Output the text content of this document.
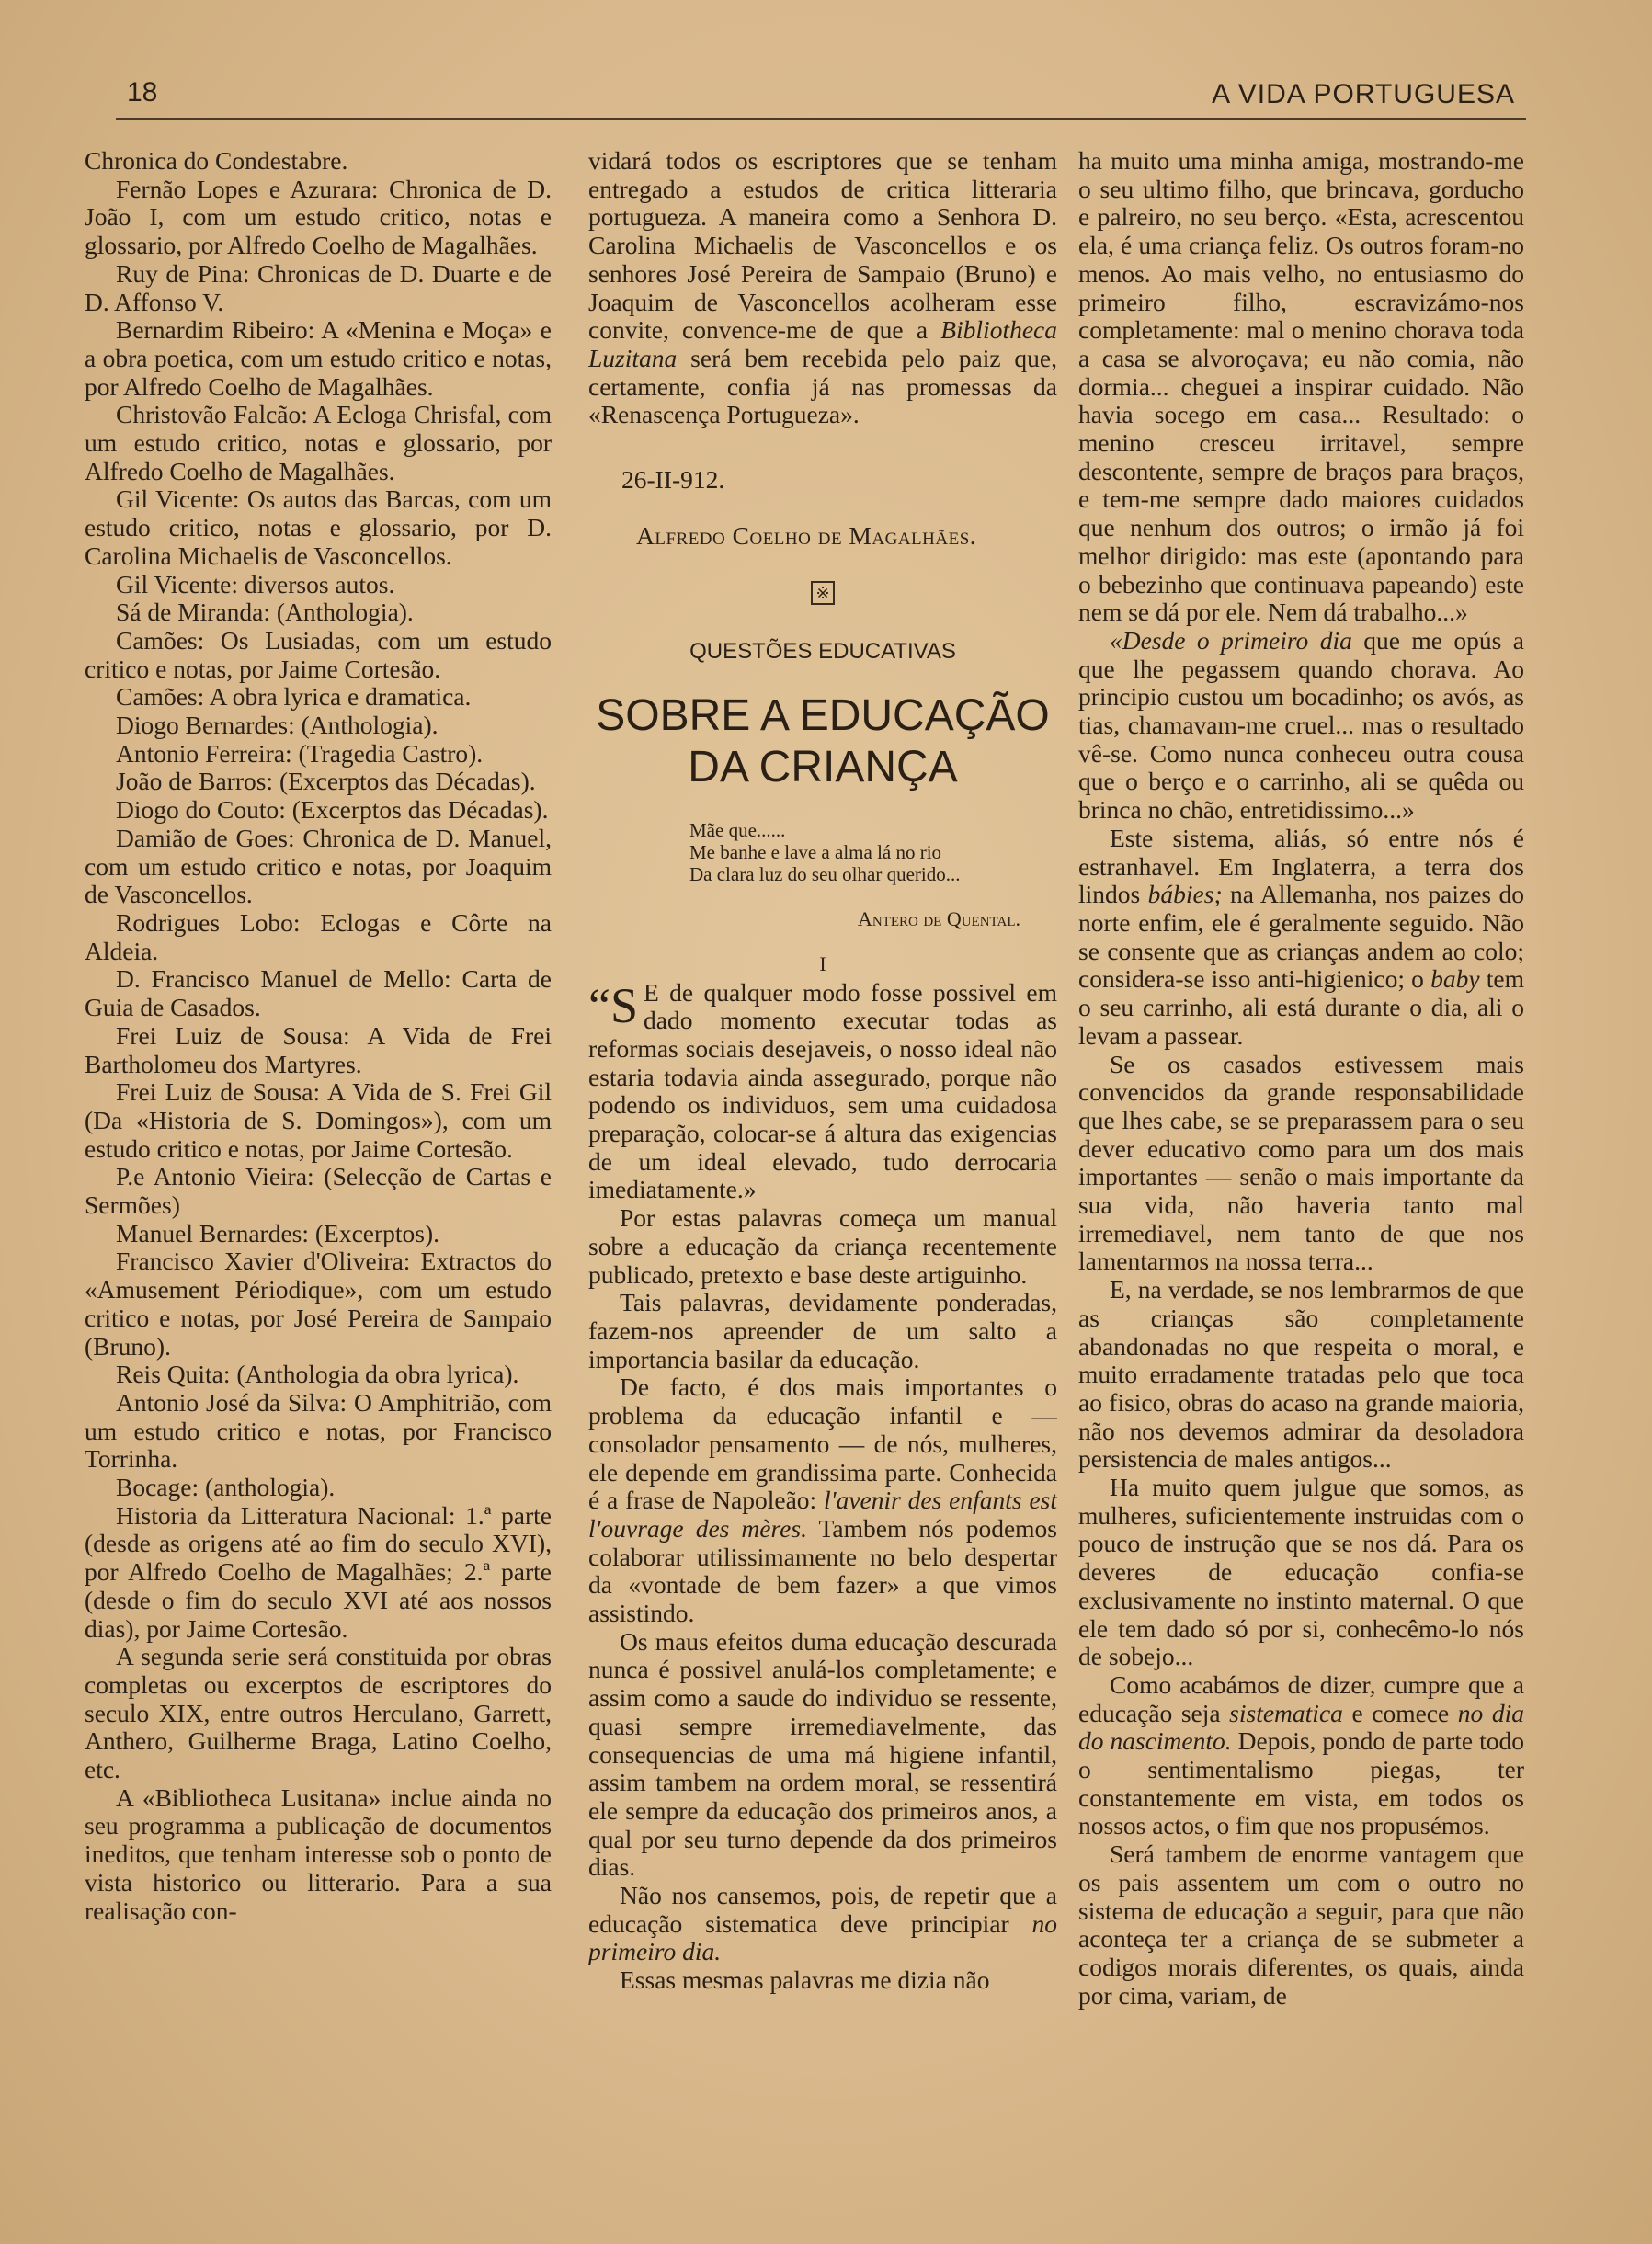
18	A VIDA PORTUGUESA

Chronica do Condestabre.

Fernão Lopes e Azurara: Chronica de D. João I, com um estudo critico, notas e glossario, por Alfredo Coelho de Magalhães.

Ruy de Pina: Chronicas de D. Duarte e de D. Affonso V.

Bernardim Ribeiro: A «Menina e Moça» e a obra poetica, com um estudo critico e notas, por Alfredo Coelho de Magalhães.

Christovão Falcão: A Ecloga Chrisfal, com um estudo critico, notas e glossario, por Alfredo Coelho de Magalhães.

Gil Vicente: Os autos das Barcas, com um estudo critico, notas e glossario, por D. Carolina Michaelis de Vasconcellos.

Gil Vicente: diversos autos.

Sá de Miranda: (Anthologia).

Camões: Os Lusiadas, com um estudo critico e notas, por Jaime Cortesão.

Camões: A obra lyrica e dramatica.

Diogo Bernardes: (Anthologia).

Antonio Ferreira: (Tragedia Castro).

João de Barros: (Excerptos das Décadas).

Diogo do Couto: (Excerptos das Décadas).

Damião de Goes: Chronica de D. Manuel, com um estudo critico e notas, por Joaquim de Vasconcellos.

Rodrigues Lobo: Eclogas e Côrte na Aldeia.

D. Francisco Manuel de Mello: Carta de Guia de Casados.

Frei Luiz de Sousa: A Vida de Frei Bartholomeu dos Martyres.

Frei Luiz de Sousa: A Vida de S. Frei Gil (Da «Historia de S. Domingos»), com um estudo critico e notas, por Jaime Cortesão.

P.e Antonio Vieira: (Selecção de Cartas e Sermões)

Manuel Bernardes: (Excerptos).

Francisco Xavier d'Oliveira: Extractos do «Amusement Périodique», com um estudo critico e notas, por José Pereira de Sampaio (Bruno).

Reis Quita: (Anthologia da obra lyrica).

Antonio José da Silva: O Amphitrião, com um estudo critico e notas, por Francisco Torrinha.

Bocage: (anthologia).

Historia da Litteratura Nacional: 1.ª parte (desde as origens até ao fim do seculo XVI), por Alfredo Coelho de Magalhães; 2.ª parte (desde o fim do seculo XVI até aos nossos dias), por Jaime Cortesão.

A segunda serie será constituida por obras completas ou excerptos de escriptores do seculo XIX, entre outros Herculano, Garrett, Anthero, Guilherme Braga, Latino Coelho, etc.

A «Bibliotheca Lusitana» inclue ainda no seu programma a publicação de documentos ineditos, que tenham interesse sob o ponto de vista historico ou litterario. Para a sua realisação con-

vidará todos os escriptores que se tenham entregado a estudos de critica litteraria portugueza. A maneira como a Senhora D. Carolina Michaelis de Vasconcellos e os senhores José Pereira de Sampaio (Bruno) e Joaquim de Vasconcellos acolheram esse convite, convence-me de que a Bibliotheca Luzitana será bem recebida pelo paiz que, certamente, confia já nas promessas da «Renascença Portugueza».

26-II-912.
Alfredo Coelho de Magalhães.
※
QUESTÕES EDUCATIVAS
SOBRE A EDUCAÇÃO
DA CRIANÇA
Mãe que......
Me banhe e lave a alma lá no rio
Da clara luz do seu olhar querido...
Antero de Quental.
I

“S E de qualquer modo fosse possivel em dado momento executar todas as reformas sociais desejaveis, o nosso ideal não estaria todavia ainda assegurado, porque não podendo os individuos, sem uma cuidadosa preparação, colocar-se á altura das exigencias de um ideal elevado, tudo derrocaria imediatamente.»

Por estas palavras começa um manual sobre a educação da criança recentemente publicado, pretexto e base deste artiguinho.

Tais palavras, devidamente ponderadas, fazem-nos apreender de um salto a importancia basilar da educação.

De facto, é dos mais importantes o problema da educação infantil e — consolador pensamento — de nós, mulheres, ele depende em grandissima parte. Conhecida é a frase de Napoleão: l'avenir des enfants est l'ouvrage des mères. Tambem nós podemos colaborar utilissimamente no belo despertar da «vontade de bem fazer» a que vimos assistindo.

Os maus efeitos duma educação descurada nunca é possivel anulá-los completamente; e assim como a saude do individuo se ressente, quasi sempre irremediavelmente, das consequencias de uma má higiene infantil, assim tambem na ordem moral, se ressentirá ele sempre da educação dos primeiros anos, a qual por seu turno depende da dos primeiros dias.

Não nos cansemos, pois, de repetir que a educação sistematica deve principiar no primeiro dia.

Essas mesmas palavras me dizia não

ha muito uma minha amiga, mostrando-me o seu ultimo filho, que brincava, gorducho e palreiro, no seu berço. «Esta, acrescentou ela, é uma criança feliz. Os outros foram-no menos. Ao mais velho, no entusiasmo do primeiro filho, escravizámo-nos completamente: mal o menino chorava toda a casa se alvoroçava; eu não comia, não dormia... cheguei a inspirar cuidado. Não havia socego em casa... Resultado: o menino cresceu irritavel, sempre descontente, sempre de braços para braços, e tem-me sempre dado maiores cuidados que nenhum dos outros; o irmão já foi melhor dirigido: mas este (apontando para o bebezinho que continuava papeando) este nem se dá por ele. Nem dá trabalho...»

«Desde o primeiro dia que me opús a que lhe pegassem quando chorava. Ao principio custou um bocadinho; os avós, as tias, chamavam-me cruel... mas o resultado vê-se. Como nunca conheceu outra cousa que o berço e o carrinho, ali se quêda ou brinca no chão, entretidissimo...»

Este sistema, aliás, só entre nós é estranhavel. Em Inglaterra, a terra dos lindos bábies; na Allemanha, nos paizes do norte enfim, ele é geralmente seguido. Não se consente que as crianças andem ao colo; considera-se isso anti-higienico; o baby tem o seu carrinho, ali está durante o dia, ali o levam a passear.

Se os casados estivessem mais convencidos da grande responsabilidade que lhes cabe, se se preparassem para o seu dever educativo como para um dos mais importantes — senão o mais importante da sua vida, não haveria tanto mal irremediavel, nem tanto de que nos lamentarmos na nossa terra...

E, na verdade, se nos lembrarmos de que as crianças são completamente abandonadas no que respeita o moral, e muito erradamente tratadas pelo que toca ao fisico, obras do acaso na grande maioria, não nos devemos admirar da desoladora persistencia de males antigos...

Ha muito quem julgue que somos, as mulheres, suficientemente instruidas com o pouco de instrução que se nos dá. Para os deveres de educação confia-se exclusivamente no instinto maternal. O que ele tem dado só por si, conhecêmo-lo nós de sobejo...

Como acabámos de dizer, cumpre que a educação seja sistematica e comece no dia do nascimento. Depois, pondo de parte todo o sentimentalismo piegas, ter constantemente em vista, em todos os nossos actos, o fim que nos propusémos.

Será tambem de enorme vantagem que os pais assentem um com o outro no sistema de educação a seguir, para que não aconteça ter a criança de se submeter a codigos morais diferentes, os quais, ainda por cima, variam, de
